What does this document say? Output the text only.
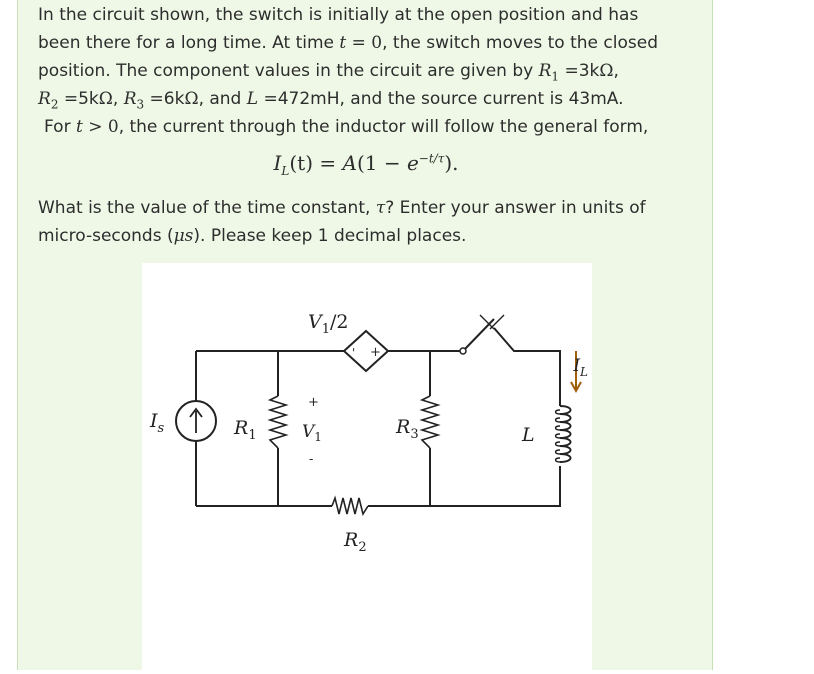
In the circuit shown, the switch is initially at the open position and has
been there for a long time. At time t = 0, the switch moves to the closed
position. The component values in the circuit are given by $R_1 =3k\Omega$,
$R_2 =5k\Omega$, $R_3 =6k\Omega$, and L =472mH, and the source current is 43mA.
For t > 0, the current through the inductor will follow the general form,
$I_L(t) = A(1 - e^{-t/\tau})$.
What is the value of the time constant, τ? Enter your answer in units of
micro-seconds (μs). Please keep 1 decimal places.
$I_s$	$R_1$
+
$V_1$
-
$V_1/2$
' +
$R_3$
$R_2$
L
$I_L$
